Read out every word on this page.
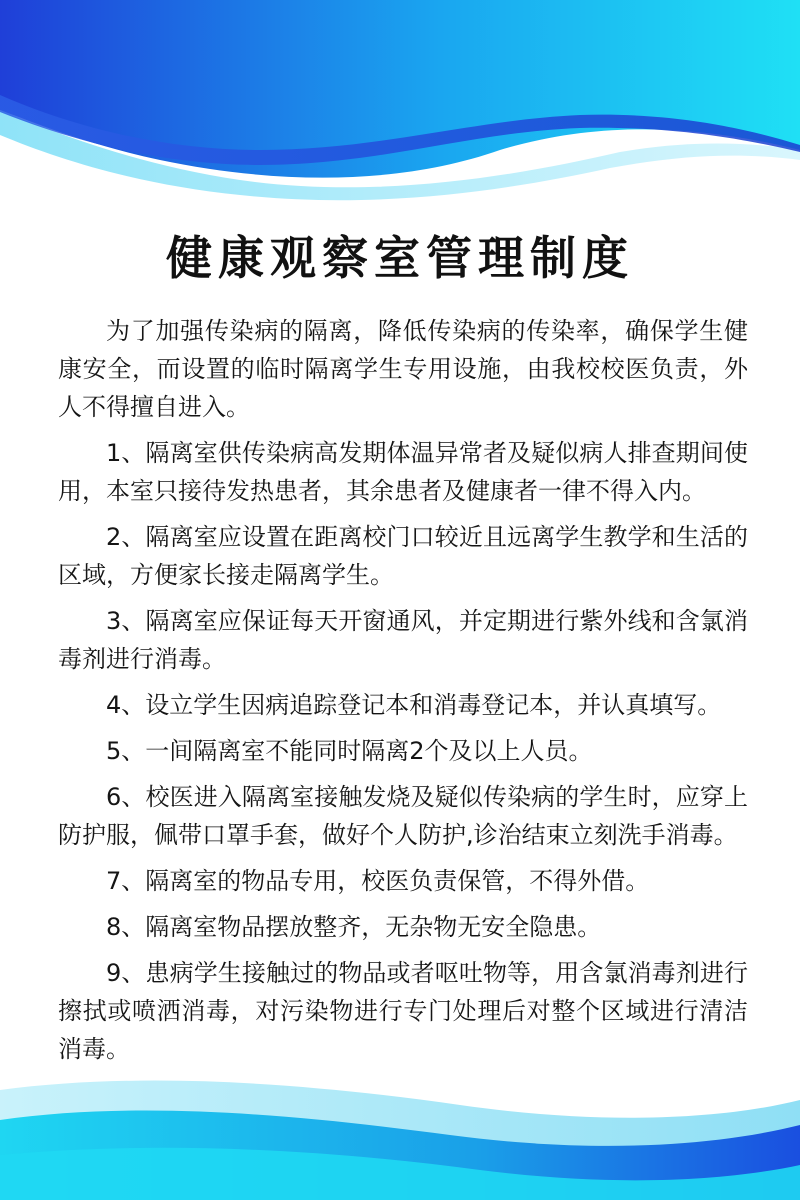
健康观察室管理制度

为了加强传染病的隔离，降低传染病的传染率，确保学生健康安全，而设置的临时隔离学生专用设施，由我校校医负责，外人不得擅自进入。

1、隔离室供传染病高发期体温异常者及疑似病人排查期间使用，本室只接待发热患者，其余患者及健康者一律不得入内。

2、隔离室应设置在距离校门口较近且远离学生教学和生活的区域，方便家长接走隔离学生。

3、隔离室应保证每天开窗通风，并定期进行紫外线和含氯消毒剂进行消毒。

4、设立学生因病追踪登记本和消毒登记本，并认真填写。

5、一间隔离室不能同时隔离2个及以上人员。

6、校医进入隔离室接触发烧及疑似传染病的学生时，应穿上防护服，佩带口罩手套，做好个人防护,诊治结束立刻洗手消毒。

7、隔离室的物品专用，校医负责保管，不得外借。

8、隔离室物品摆放整齐，无杂物无安全隐患。

9、患病学生接触过的物品或者呕吐物等，用含氯消毒剂进行擦拭或喷洒消毒，对污染物进行专门处理后对整个区域进行清洁消毒。
